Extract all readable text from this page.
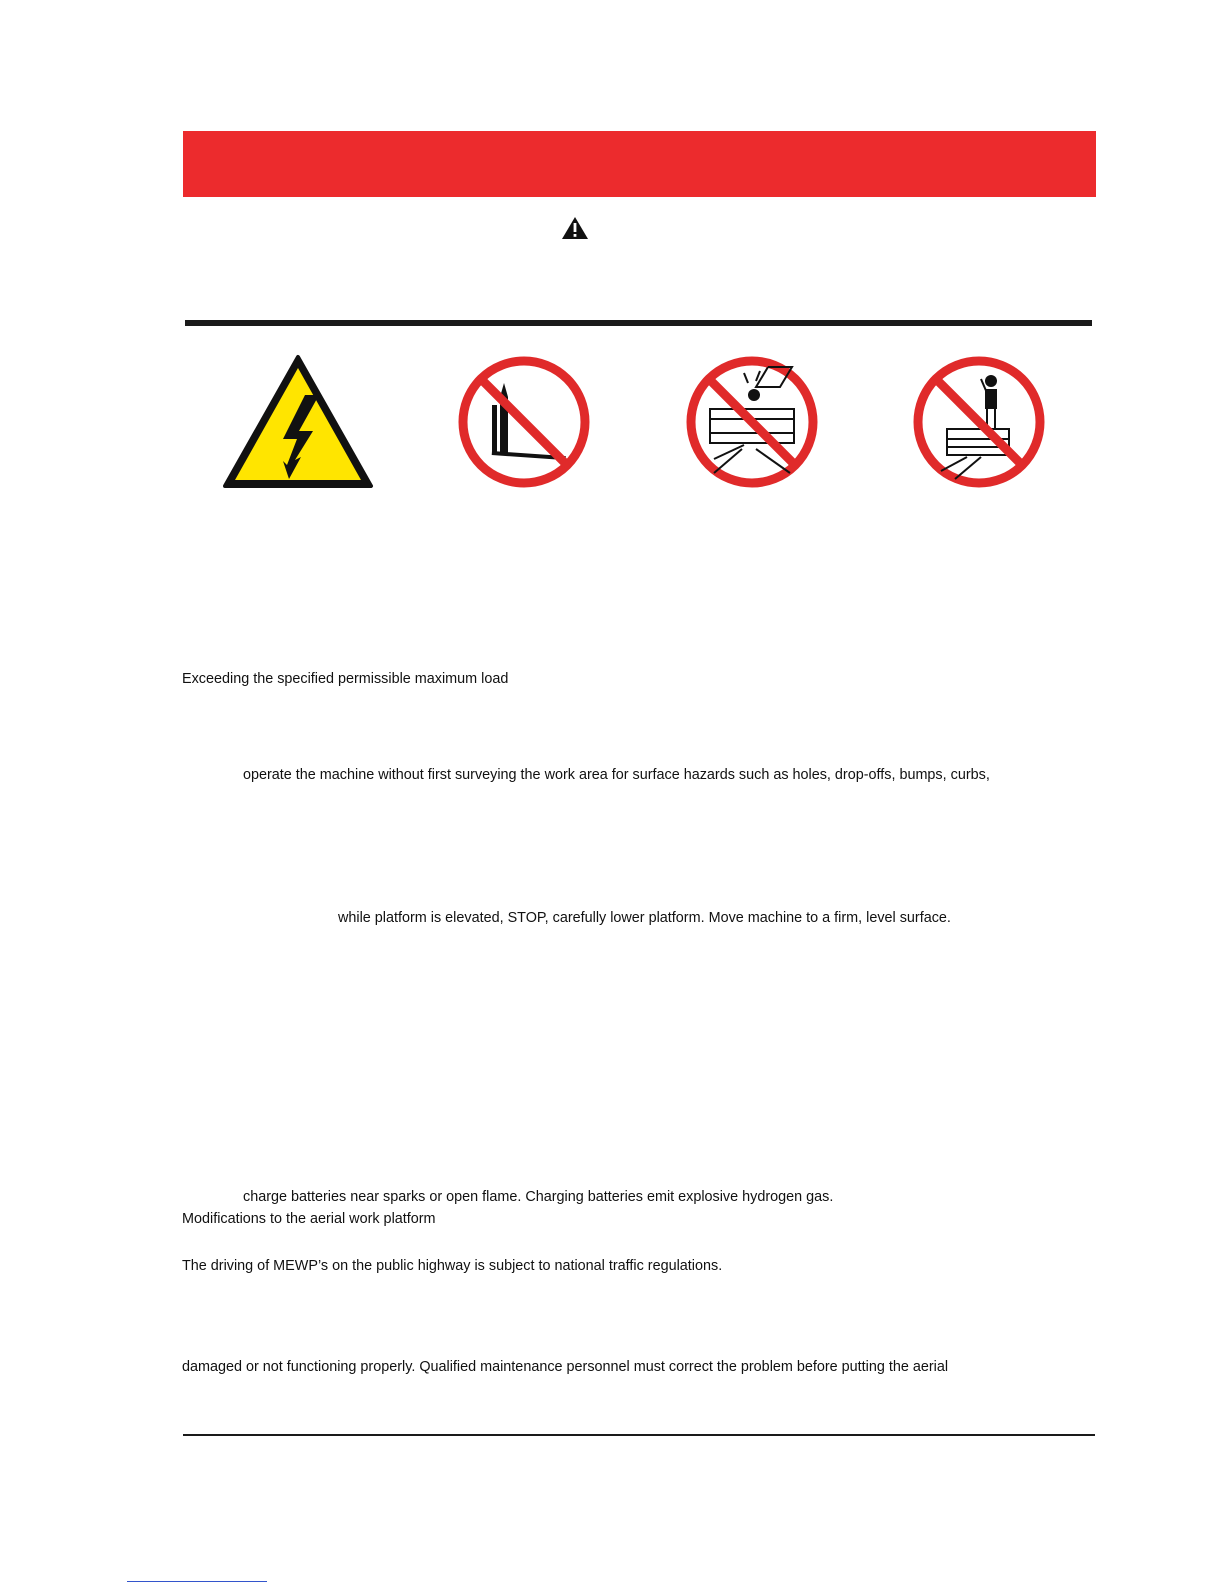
Exceeding the specified permissible maximum load
operate the machine without first surveying the work area for surface hazards such as holes, drop-offs, bumps, curbs,
while platform is elevated, STOP, carefully lower platform. Move machine to a firm, level surface.
charge batteries near sparks or open flame. Charging batteries emit explosive hydrogen gas.
Modifications to the aerial work platform
The driving of MEWP’s on the public highway is subject to national traffic regulations.
damaged or not functioning properly. Qualified maintenance personnel must correct the problem before putting the aerial
